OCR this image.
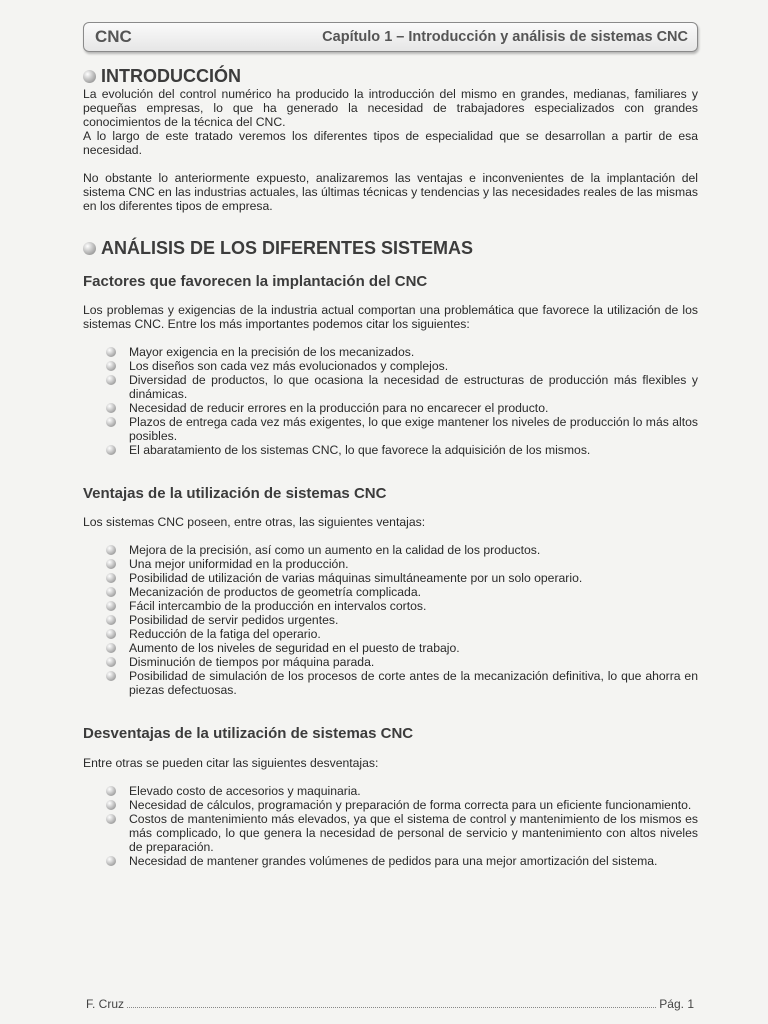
CNC	Capítulo 1 – Introducción y análisis de sistemas CNC
INTRODUCCIÓN

La evolución del control numérico ha producido la introducción del mismo en grandes, medianas, familiares y pequeñas empresas, lo que ha generado la necesidad de trabajadores especializados con grandes conocimientos de la técnica del CNC.

A lo largo de este tratado veremos los diferentes tipos de especialidad que se desarrollan a partir de esa necesidad.

No obstante lo anteriormente expuesto, analizaremos las ventajas e inconvenientes de la implantación del sistema CNC en las industrias actuales, las últimas técnicas y tendencias y las necesidades reales de las mismas en los diferentes tipos de empresa.

ANÁLISIS DE LOS DIFERENTES SISTEMAS
Factores que favorecen la implantación del CNC

Los problemas y exigencias de la industria actual comportan una problemática que favorece la utilización de los sistemas CNC. Entre los más importantes podemos citar los siguientes:

Mayor exigencia en la precisión de los mecanizados.
Los diseños son cada vez más evolucionados y complejos.
Diversidad de productos, lo que ocasiona la necesidad de estructuras de producción más flexibles y dinámicas.
Necesidad de reducir errores en la producción para no encarecer el producto.
Plazos de entrega cada vez más exigentes, lo que exige mantener los niveles de producción lo más altos posibles.
El abaratamiento de los sistemas CNC, lo que favorece la adquisición de los mismos.
Ventajas de la utilización de sistemas CNC

Los sistemas CNC poseen, entre otras, las siguientes ventajas:

Mejora de la precisión, así como un aumento en la calidad de los productos.
Una mejor uniformidad en la producción.
Posibilidad de utilización de varias máquinas simultáneamente por un solo operario.
Mecanización de productos de geometría complicada.
Fácil intercambio de la producción en intervalos cortos.
Posibilidad de servir pedidos urgentes.
Reducción de la fatiga del operario.
Aumento de los niveles de seguridad en el puesto de trabajo.
Disminución de tiempos por máquina parada.
Posibilidad de simulación de los procesos de corte antes de la mecanización definitiva, lo que ahorra en piezas defectuosas.
Desventajas de la utilización de sistemas CNC

Entre otras se pueden citar las siguientes desventajas:

Elevado costo de accesorios y maquinaria.
Necesidad de cálculos, programación y preparación de forma correcta para un eficiente funcionamiento.
Costos de mantenimiento más elevados, ya que el sistema de control y mantenimiento de los mismos es más complicado, lo que genera la necesidad de personal de servicio y mantenimiento con altos niveles de preparación.
Necesidad de mantener grandes volúmenes de pedidos para una mejor amortización del sistema.
F. Cruz	Pág. 1
